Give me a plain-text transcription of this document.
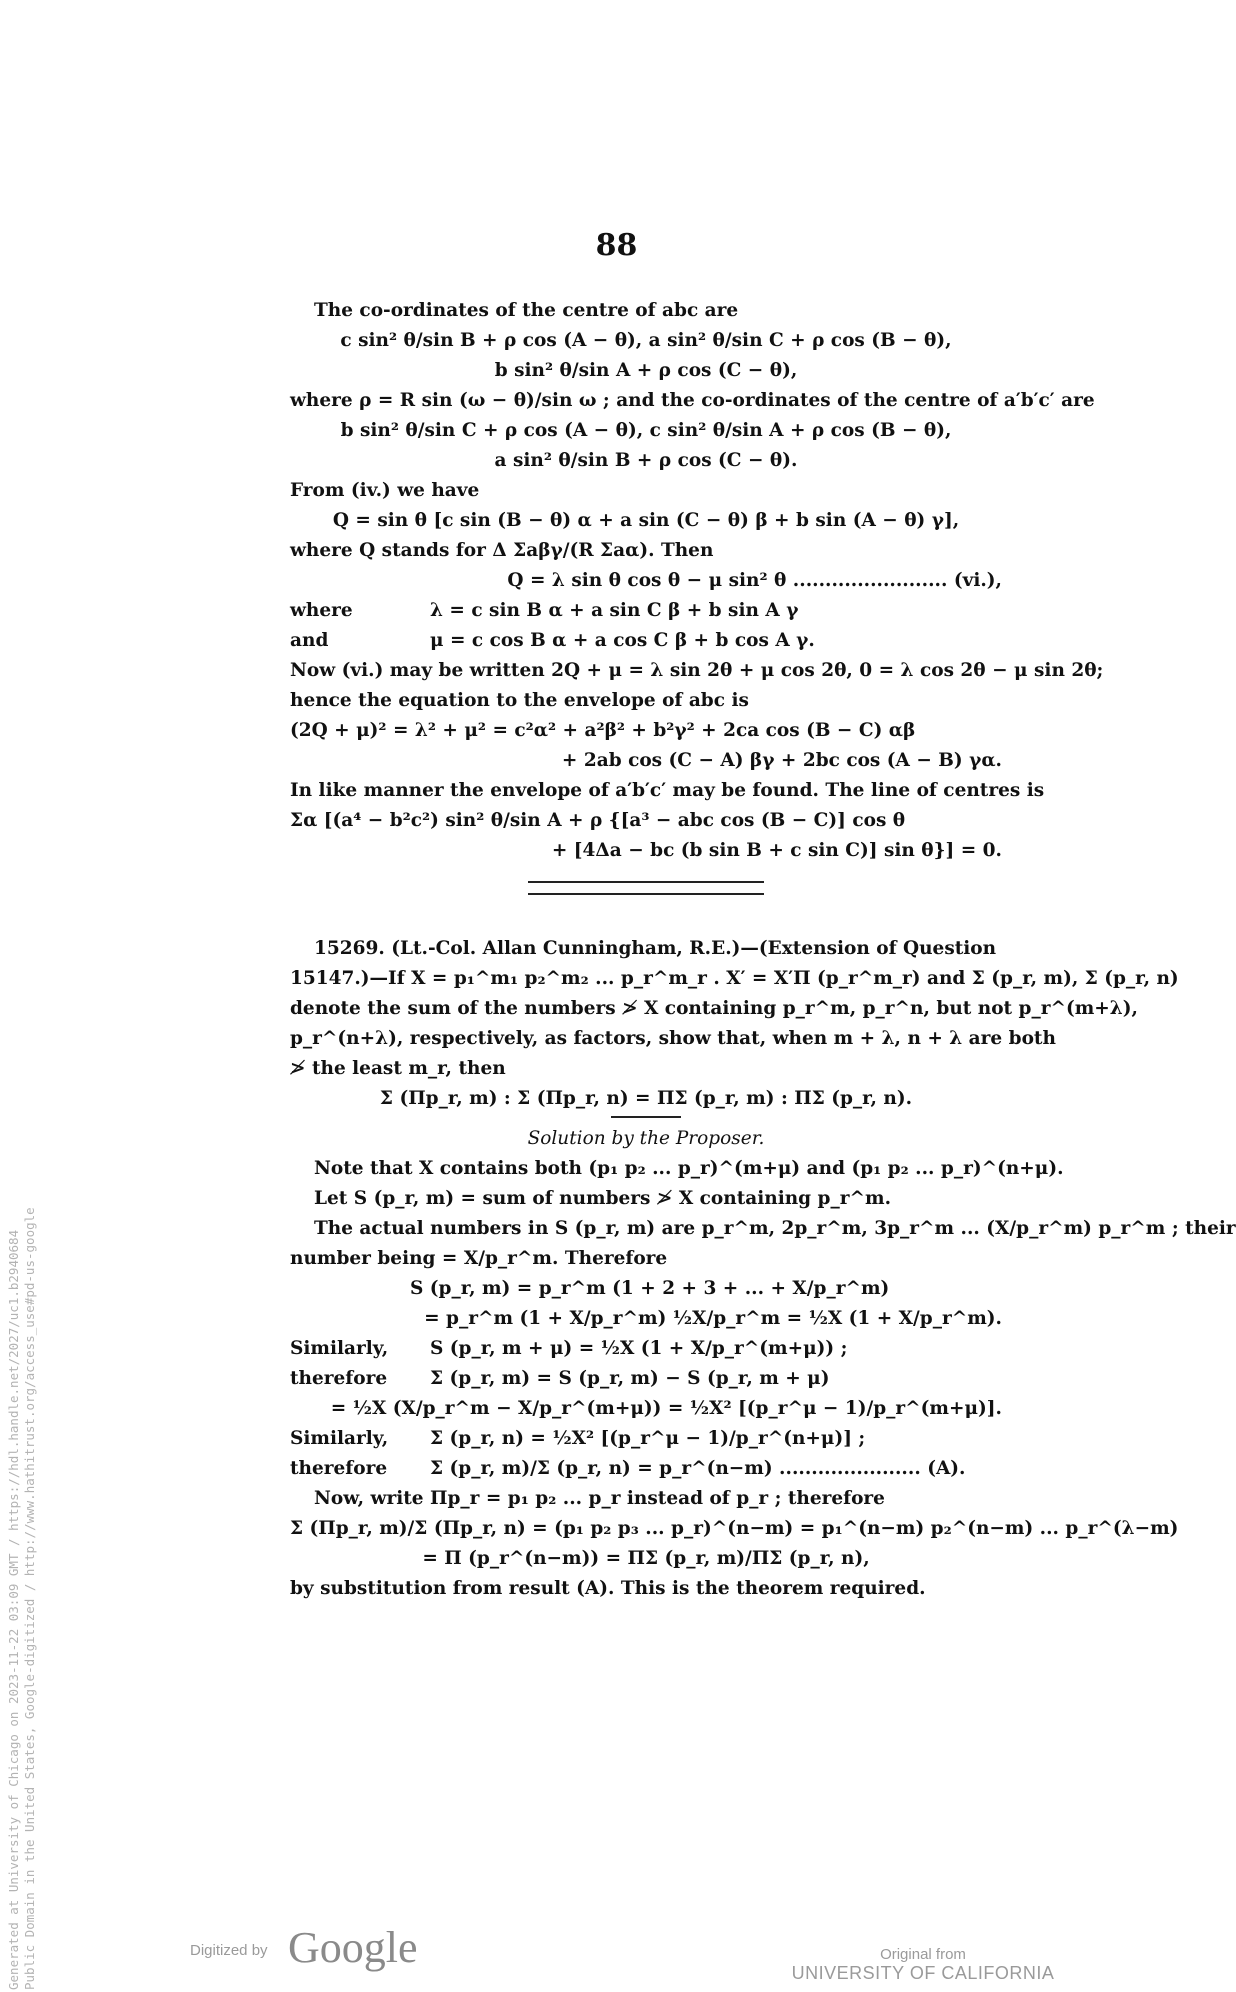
88
The co-ordinates of the centre of abc are
c sin² θ/sin B + ρ cos (A − θ), a sin² θ/sin C + ρ cos (B − θ),
b sin² θ/sin A + ρ cos (C − θ),
where ρ = R sin (ω − θ)/sin ω ; and the co-ordinates of the centre of a′b′c′ are
b sin² θ/sin C + ρ cos (A − θ), c sin² θ/sin A + ρ cos (B − θ),
a sin² θ/sin B + ρ cos (C − θ).
From (iv.) we have
Q = sin θ [c sin (B − θ) α + a sin (C − θ) β + b sin (A − θ) γ],
where Q stands for Δ Σaβγ/(R Σaα). Then
Q = λ sin θ cos θ − μ sin² θ ........................ (vi.),
where	λ = c sin B α + a sin C β + b sin A γ
and	μ = c cos B α + a cos C β + b cos A γ.
Now (vi.) may be written 2Q + μ = λ sin 2θ + μ cos 2θ, 0 = λ cos 2θ − μ sin 2θ;
hence the equation to the envelope of abc is
(2Q + μ)² = λ² + μ² = c²α² + a²β² + b²γ² + 2ca cos (B − C) αβ
+ 2ab cos (C − A) βγ + 2bc cos (A − B) γα.
In like manner the envelope of a′b′c′ may be found. The line of centres is
Σα [(a⁴ − b²c²) sin² θ/sin A + ρ {[a³ − abc cos (B − C)] cos θ
+ [4Δa − bc (b sin B + c sin C)] sin θ}] = 0.
15269. (Lt.-Col. Allan Cunningham, R.E.)—(Extension of Question
15147.)—If X = p₁^m₁ p₂^m₂ ... p_r^m_r . X′ = X′Π (p_r^m_r) and Σ (p_r, m), Σ (p_r, n)
denote the sum of the numbers ≯ X containing p_r^m, p_r^n, but not p_r^(m+λ),
p_r^(n+λ), respectively, as factors, show that, when m + λ, n + λ are both
≯ the least m_r, then
Σ (Πp_r, m) : Σ (Πp_r, n) = ΠΣ (p_r, m) : ΠΣ (p_r, n).
Solution by the Proposer.
Note that X contains both (p₁ p₂ ... p_r)^(m+μ) and (p₁ p₂ ... p_r)^(n+μ).
Let S (p_r, m) = sum of numbers ≯ X containing p_r^m.
The actual numbers in S (p_r, m) are p_r^m, 2p_r^m, 3p_r^m ... (X/p_r^m) p_r^m ; their
number being = X/p_r^m. Therefore
S (p_r, m) = p_r^m (1 + 2 + 3 + ... + X/p_r^m)
= p_r^m (1 + X/p_r^m) ½X/p_r^m = ½X (1 + X/p_r^m).
Similarly, S (p_r, m + μ) = ½X (1 + X/p_r^(m+μ)) ;
therefore Σ (p_r, m) = S (p_r, m) − S (p_r, m + μ)
= ½X (X/p_r^m − X/p_r^(m+μ)) = ½X² [(p_r^μ − 1)/p_r^(m+μ)].
Similarly, Σ (p_r, n) = ½X² [(p_r^μ − 1)/p_r^(n+μ)] ;
therefore Σ (p_r, m)/Σ (p_r, n) = p_r^(n−m) ...................... (A).
Now, write Πp_r = p₁ p₂ ... p_r instead of p_r ; therefore
Σ (Πp_r, m)/Σ (Πp_r, n) = (p₁ p₂ p₃ ... p_r)^(n−m) = p₁^(n−m) p₂^(n−m) ... p_r^(λ−m)
= Π (p_r^(n−m)) = ΠΣ (p_r, m)/ΠΣ (p_r, n),
by substitution from result (A). This is the theorem required.
Generated at University of Chicago on 2023-11-22 03:09 GMT / https://hdl.handle.net/2027/uc1.b2940684 Public Domain in the United States, Google-digitized / http://www.hathitrust.org/access_use#pd-us-google	Digitized by Google	Original from
UNIVERSITY OF CALIFORNIA
